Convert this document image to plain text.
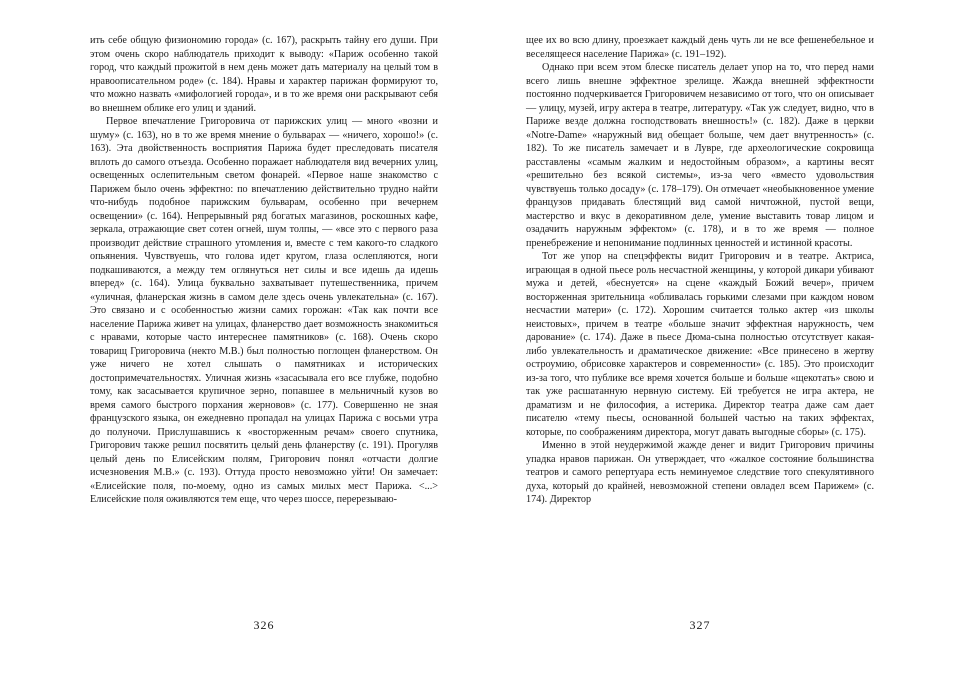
ить себе общую физиономию города» (с. 167), раскрыть тайну его души. При этом очень скоро наблюдатель приходит к выводу: «Париж особенно такой город, что каждый прожитой в нем день может дать материалу на целый том в нравоописательном роде» (с. 184). Нравы и характер парижан формируют то, что можно назвать «мифологией города», и в то же время они раскрывают себя во внешнем облике его улиц и зданий.

Первое впечатление Григоровича от парижских улиц — много «возни и шуму» (с. 163), но в то же время мнение о бульварах — «ничего, хорошо!» (с. 163). Эта двойственность восприятия Парижа будет преследовать писателя вплоть до самого отъезда. Особенно поражает наблюдателя вид вечерних улиц, освещенных ослепительным светом фонарей. «Первое наше знакомство с Парижем было очень эффектно: по впечатлению действительно трудно найти что-нибудь подобное парижским бульварам, особенно при вечернем освещении» (с. 164). Непрерывный ряд богатых магазинов, роскошных кафе, зеркала, отражающие свет сотен огней, шум толпы, — «все это с первого раза производит действие страшного утомления и, вместе с тем какого-то сладкого опьянения. Чувствуешь, что голова идет кругом, глаза ослепляются, ноги подкашиваются, а между тем оглянуться нет силы и все идешь да идешь вперед» (с. 164). Улица буквально захватывает путешественника, причем «уличная, фланерская жизнь в самом деле здесь очень увлекательна» (с. 167). Это связано и с особенностью жизни самих горожан: «Так как почти все население Парижа живет на улицах, фланерство дает возможность знакомиться с нравами, которые часто интереснее памятников» (с. 168). Очень скоро товарищ Григоровича (некто М.В.) был полностью поглощен фланерством. Он уже ничего не хотел слышать о памятниках и исторических достопримечательностях. Уличная жизнь «засасывала его все глубже, подобно тому, как засасывается крупичное зерно, попавшее в мельничный кузов во время самого быстрого порхания жерновов» (с. 177). Совершенно не зная французского языка, он ежедневно пропадал на улицах Парижа с восьми утра до полуночи. Прислушавшись к «восторженным речам» своего спутника, Григорович также решил посвятить целый день фланерству (с. 191). Прогуляв целый день по Елисейским полям, Григорович понял «отчасти долгие исчезновения М.В.» (с. 193). Оттуда просто невозможно уйти! Он замечает: «Елисейские поля, по-моему, одно из самых милых мест Парижа. <...> Елисейские поля оживляются тем еще, что через шоссе, перерезываю-

326

щее их во всю длину, проезжает каждый день чуть ли не все фешенебельное и веселящееся население Парижа» (с. 191–192).

Однако при всем этом блеске писатель делает упор на то, что перед нами всего лишь внешне эффектное зрелище. Жажда внешней эффектности постоянно подчеркивается Григоровичем независимо от того, что он описывает — улицу, музей, игру актера в театре, литературу. «Так уж следует, видно, что в Париже везде должна господствовать внешность!» (с. 182). Даже в церкви «Notre-Dame» «наружный вид обещает больше, чем дает внутренность» (с. 182). То же писатель замечает и в Лувре, где археологические сокровища расставлены «самым жалким и недостойным образом», а картины весят «решительно без всякой системы», из-за чего «вместо удовольствия чувствуешь только досаду» (с. 178–179). Он отмечает «необыкновенное умение французов придавать блестящий вид самой ничтожной, пустой вещи, мастерство и вкус в декоративном деле, умение выставить товар лицом и озадачить наружным эффектом» (с. 178), и в то же время — полное пренебрежение и непонимание подлинных ценностей и истинной красоты.

Тот же упор на спецэффекты видит Григорович и в театре. Актриса, играющая в одной пьесе роль несчастной женщины, у которой дикари убивают мужа и детей, «беснуется» на сцене «каждый Божий вечер», причем восторженная зрительница «обливалась горькими слезами при каждом новом несчастии матери» (с. 172). Хорошим считается только актер «из школы неистовых», причем в театре «больше значит эффектная наружность, чем дарование» (с. 174). Даже в пьесе Дюма-сына полностью отсутствует какая-либо увлекательность и драматическое движение: «Все принесено в жертву остроумию, обрисовке характеров и современности» (с. 185). Это происходит из-за того, что публике все время хочется больше и больше «щекотать» свою и так уже расшатанную нервную систему. Ей требуется не игра актера, не драматизм и не философия, а истерика. Директор театра даже сам дает писателю «тему пьесы, основанной большей частью на таких эффектах, которые, по соображениям директора, могут давать выгодные сборы» (с. 175).

Именно в этой неудержимой жажде денег и видит Григорович причины упадка нравов парижан. Он утверждает, что «жалкое состояние большинства театров и самого репертуара есть неминуемое следствие того спекулятивного духа, который до крайней, невозможной степени овладел всем Парижем» (с. 174). Директор

327
